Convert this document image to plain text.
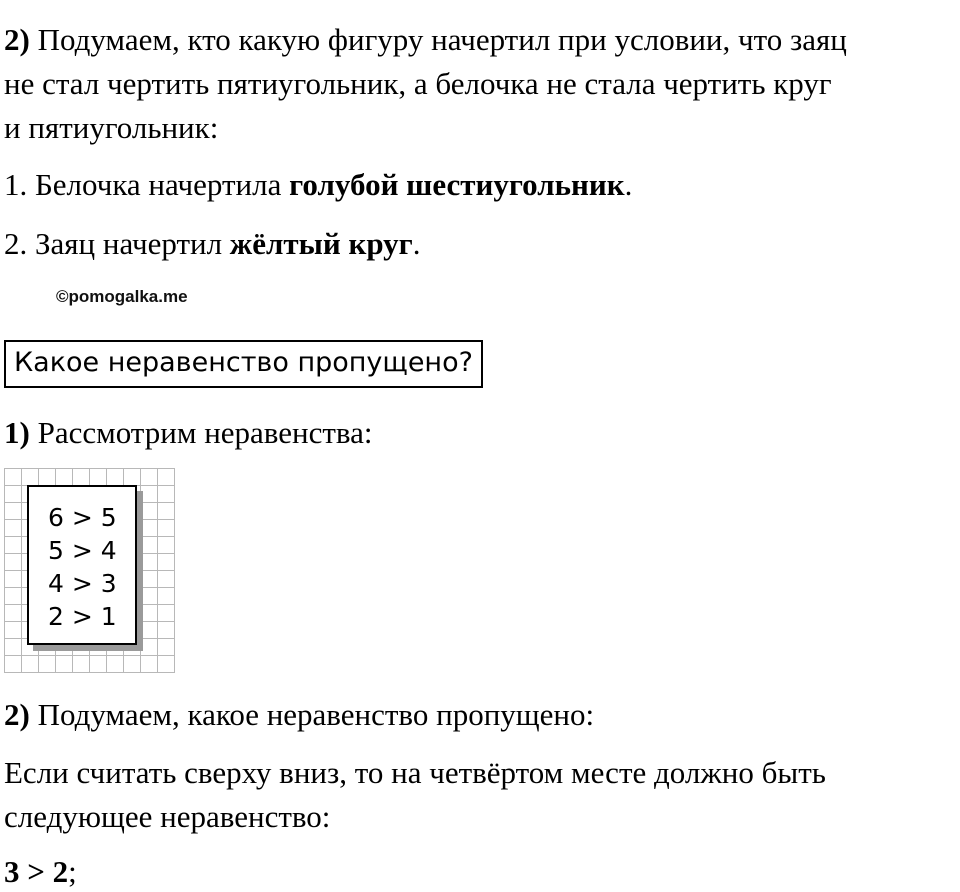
2) Подумаем, кто какую фигуру начертил при условии, что заяц
не стал чертить пятиугольник, а белочка не стала чертить круг
и пятиугольник:
1. Белочка начертила голубой шестиугольник.
2. Заяц начертил жёлтый круг.
©pomogalka.me
Какое неравенство пропущено?
1) Рассмотрим неравенства:
6 > 5
5 > 4
4 > 3
2 > 1
2) Подумаем, какое неравенство пропущено:
Если считать сверху вниз, то на четвёртом месте должно быть
следующее неравенство:
3 > 2;
